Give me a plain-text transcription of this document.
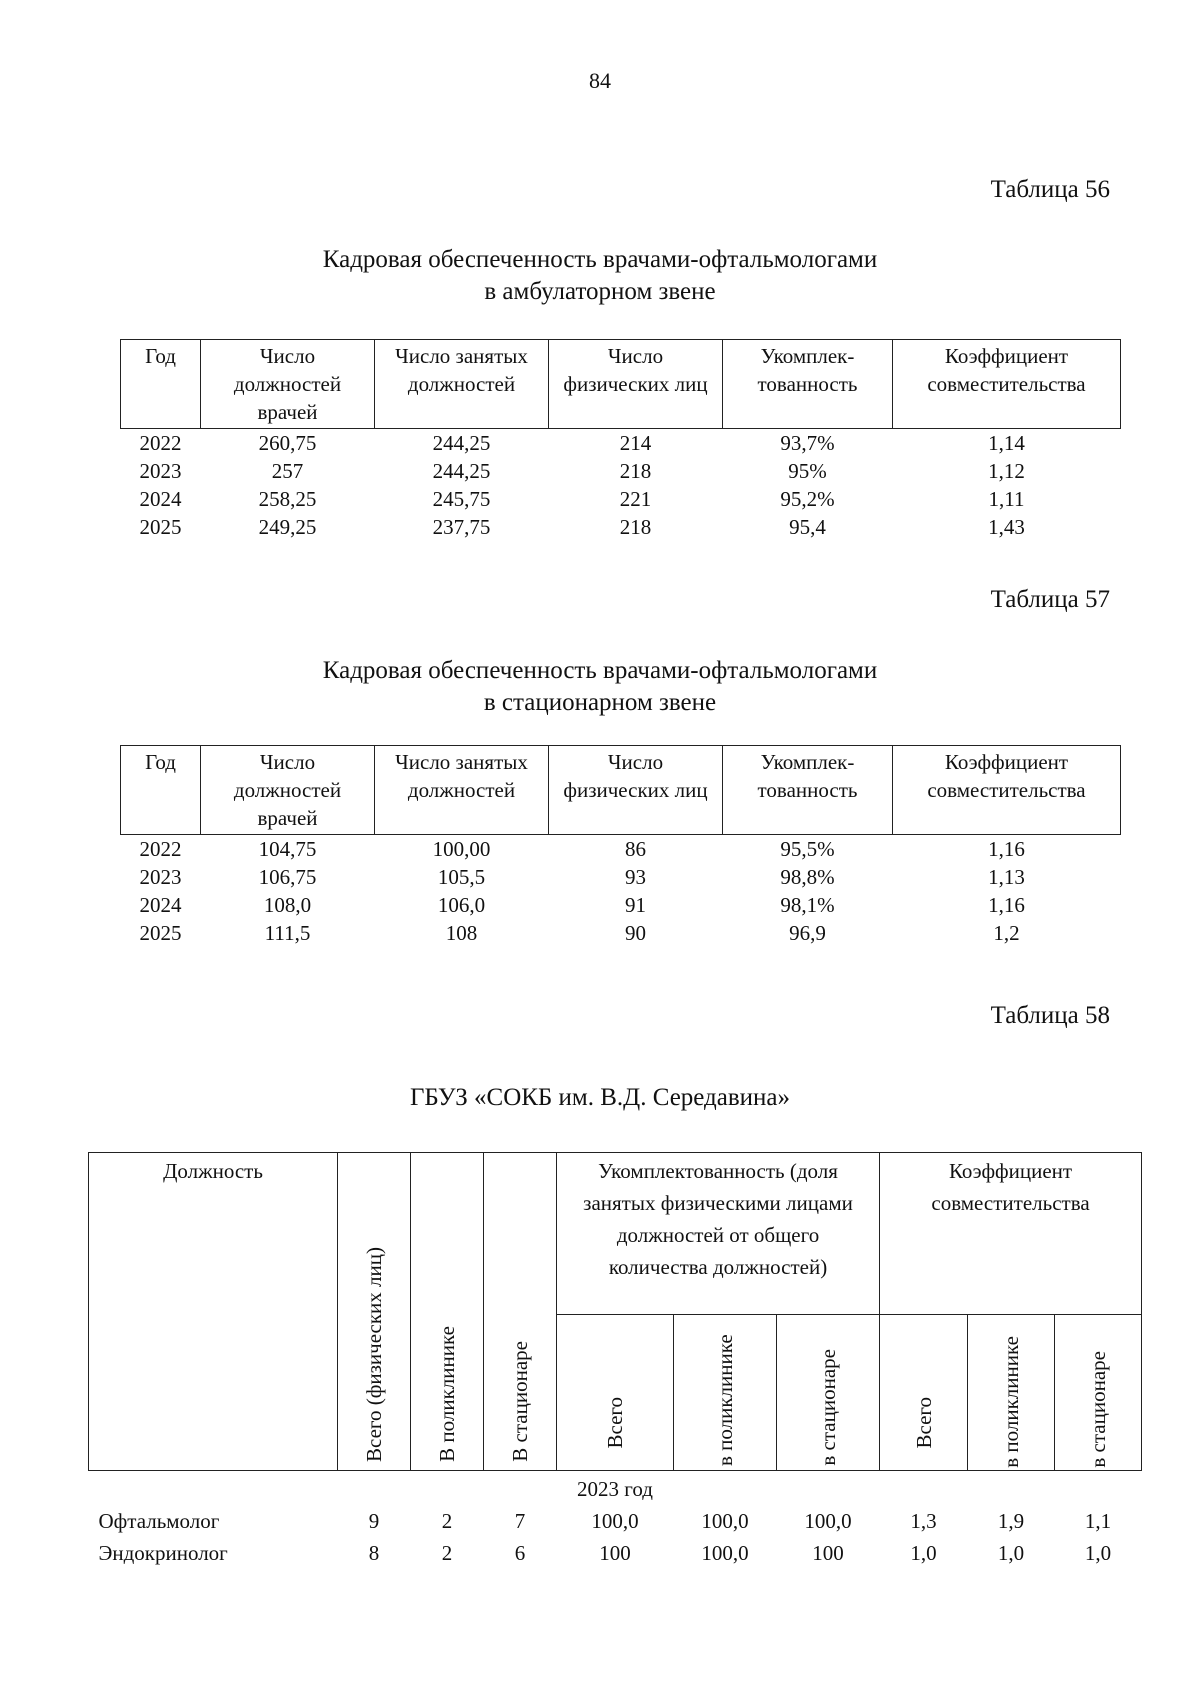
84
Таблица 56
Кадровая обеспеченность врачами-офтальмологами
в амбулаторном звене
Год	Число должностей врачей	Число занятых должностей	Число физических лиц	Укомплек-тованность	Коэффициент совместительства
2022	260,75	244,25	214	93,7%	1,14
2023	257	244,25	218	95%	1,12
2024	258,25	245,75	221	95,2%	1,11
2025	249,25	237,75	218	95,4	1,43
Таблица 57
Кадровая обеспеченность врачами-офтальмологами
в стационарном звене
Год	Число должностей врачей	Число занятых должностей	Число физических лиц	Укомплек-тованность	Коэффициент совместительства
2022	104,75	100,00	86	95,5%	1,16
2023	106,75	105,5	93	98,8%	1,13
2024	108,0	106,0	91	98,1%	1,16
2025	111,5	108	90	96,9	1,2
Таблица 58
ГБУЗ «СОКБ им. В.Д. Середавина»
Должность	Всего (физических лиц)	В поликлинике	В стационаре	Укомплектованность (доля занятых физическими лицами должностей от общего количества должностей)			Коэффициент совместительства		

				Всего	в поликлинике	в стационаре	Всего	в поликлинике	в стационаре

2023 год									
Офтальмолог	9	2	7	100,0	100,0	100,0	1,3	1,9	1,1
Эндокринолог	8	2	6	100	100,0	100	1,0	1,0	1,0
